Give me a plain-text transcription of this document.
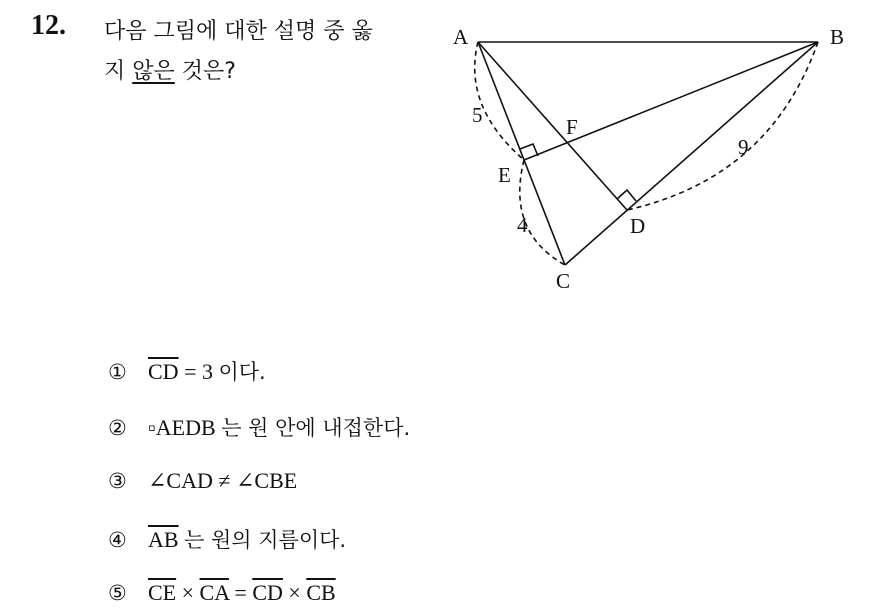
12. 다음 그림에 대한 설명 중 옳
지 않은 것은?
A	B
C
D
E
F
5
4
9
① $\overline{CD} = 3$ 이다.
② ▫AEDB 는 원 안에 내접한다.
③ ∠CAD ≠ ∠CBE
④ $\overline{AB}$ 는 원의 지름이다.
⑤ $\overline{CE} \times \overline{CA} = \overline{CD} \times \overline{CB}$
